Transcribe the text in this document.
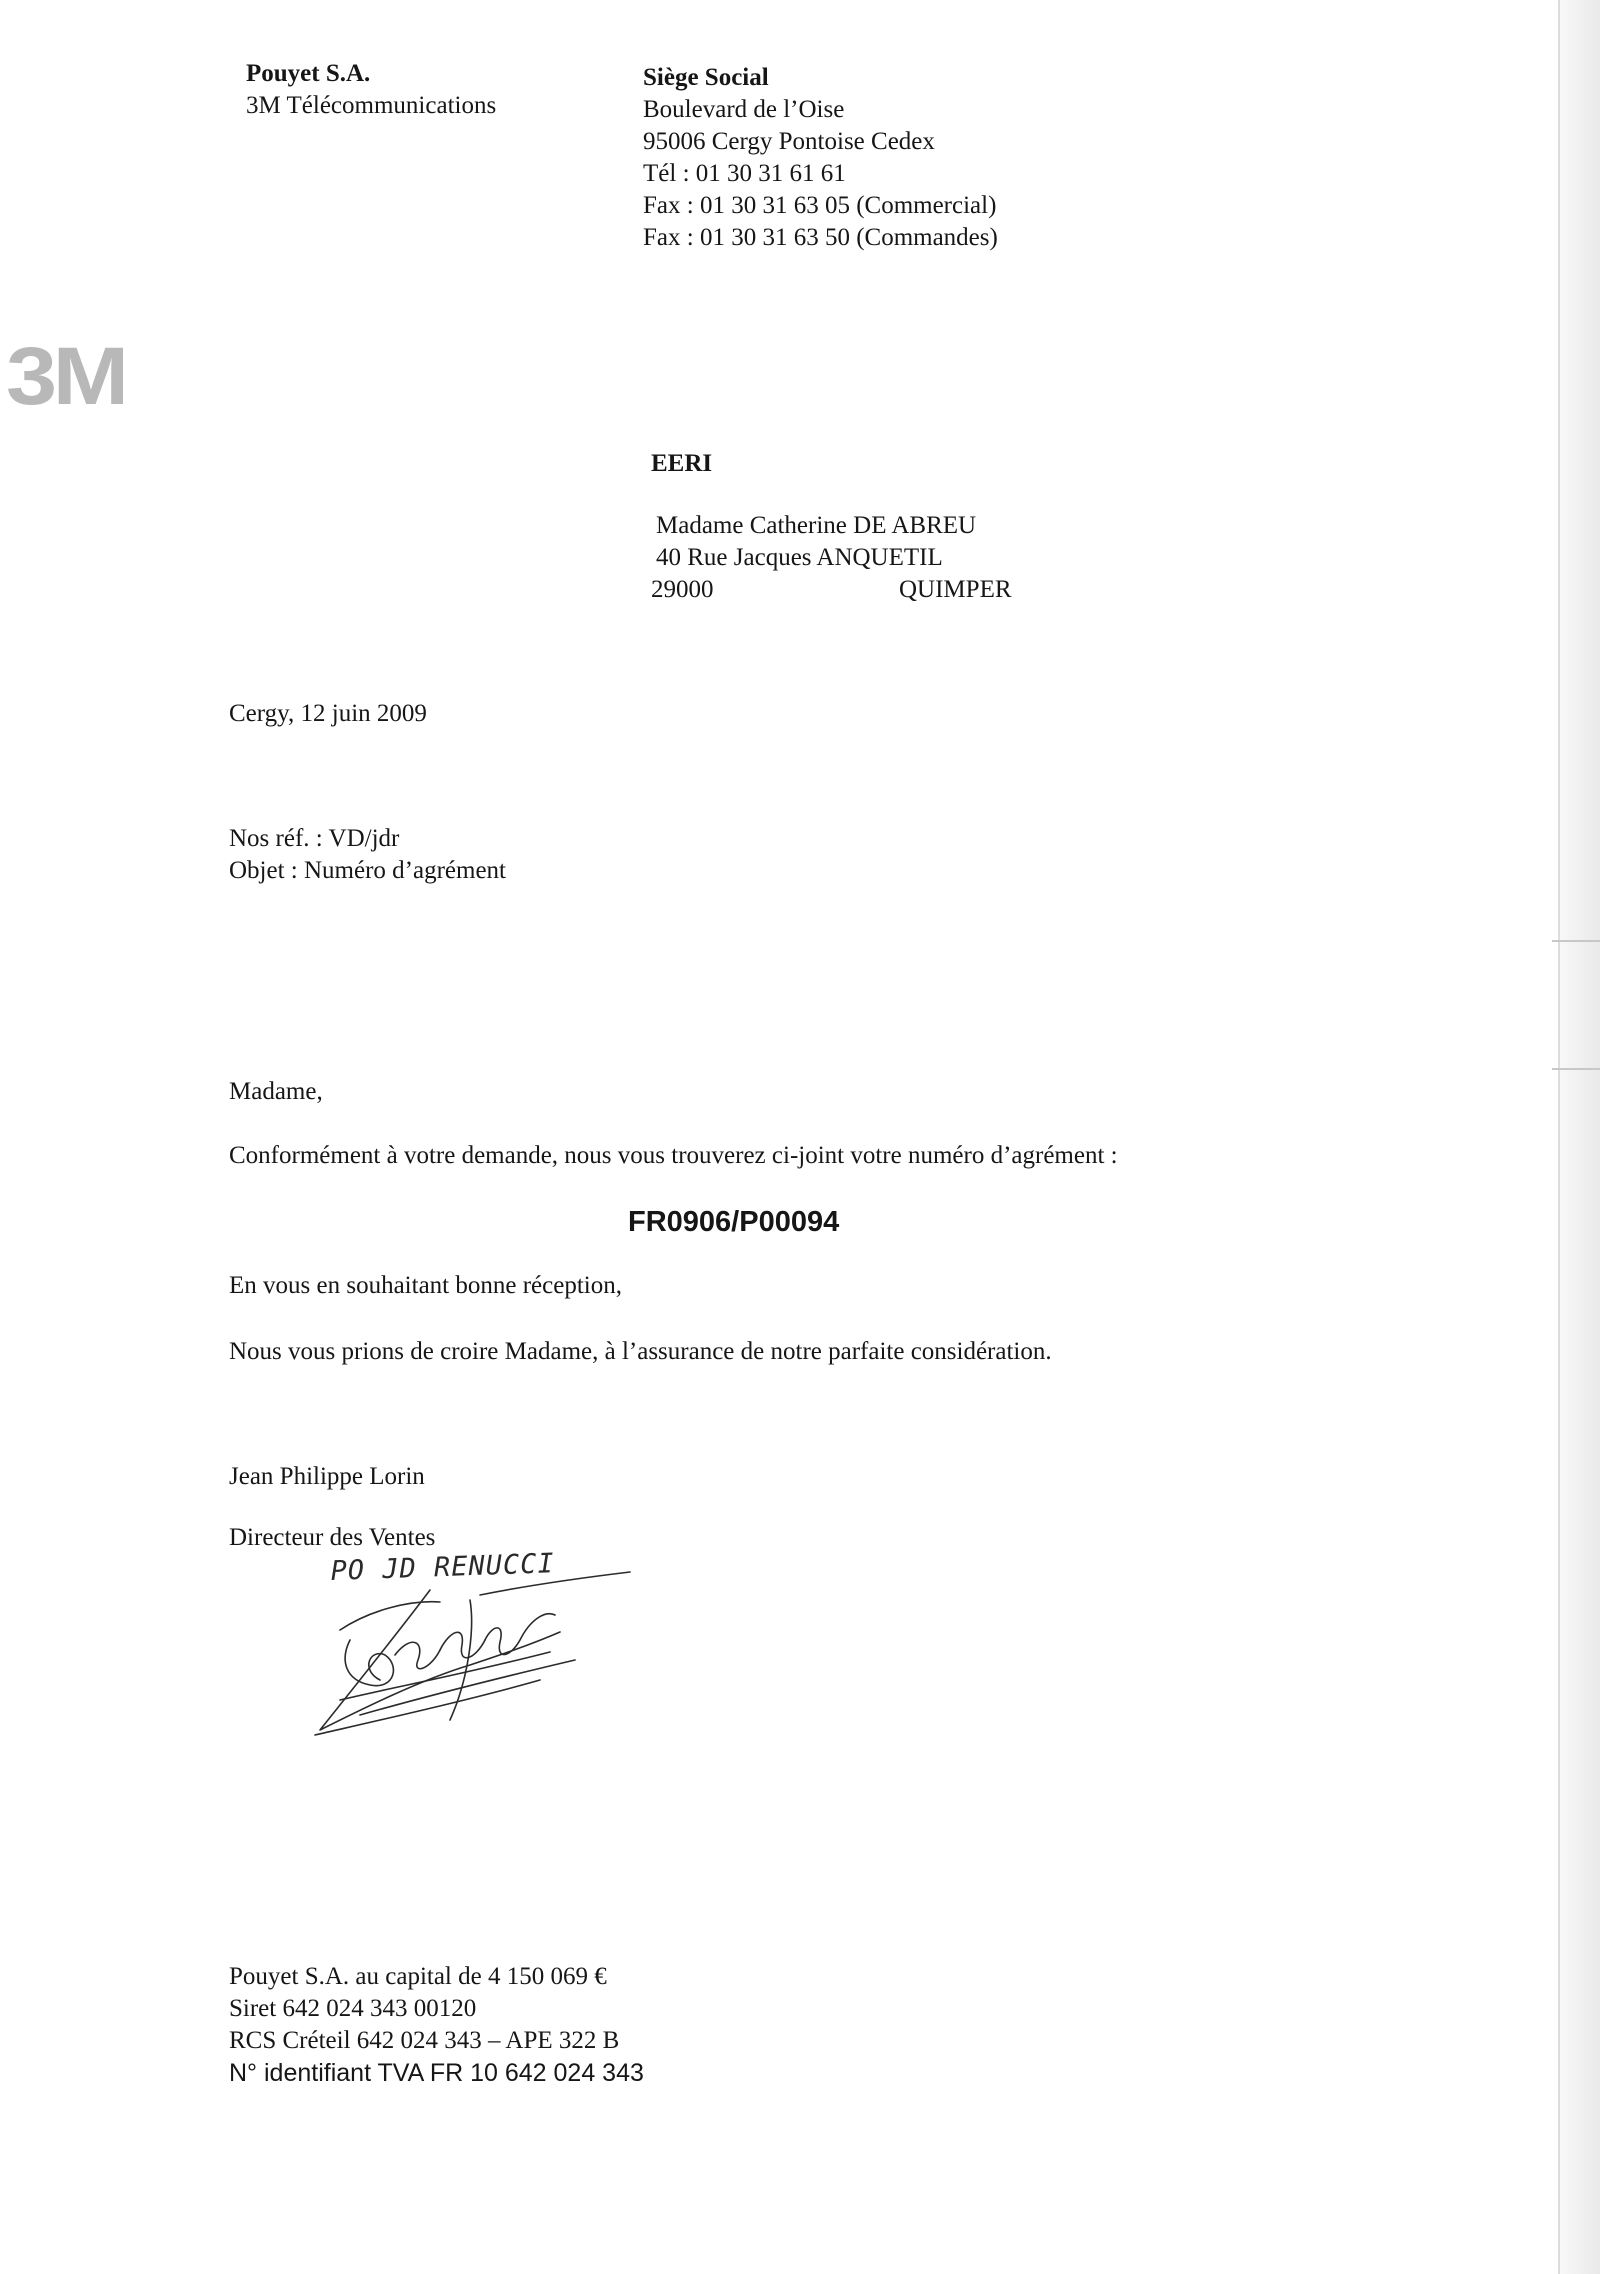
Pouyet S.A.
3M Télécommunications
Siège Social
Boulevard de l’Oise
95006 Cergy Pontoise Cedex
Tél : 01 30 31 61 61
Fax : 01 30 31 63 05 (Commercial)
Fax : 01 30 31 63 50 (Commandes)
3M
EERI
Madame Catherine DE ABREU
40 Rue Jacques ANQUETIL
29000	QUIMPER
Cergy, 12 juin 2009
Nos réf. : VD/jdr
Objet : Numéro d’agrément
Madame,
Conformément à votre demande, nous vous trouverez ci-joint votre numéro d’agrément :
FR0906/P00094
En vous en souhaitant bonne réception,
Nous vous prions de croire Madame, à l’assurance de notre parfaite considération.
Jean Philippe Lorin
Directeur des Ventes
PO JD RENUCCI
Pouyet S.A. au capital de 4 150 069 €
Siret 642 024 343 00120
RCS Créteil 642 024 343 – APE 322 B
N° identifiant TVA FR 10 642 024 343
